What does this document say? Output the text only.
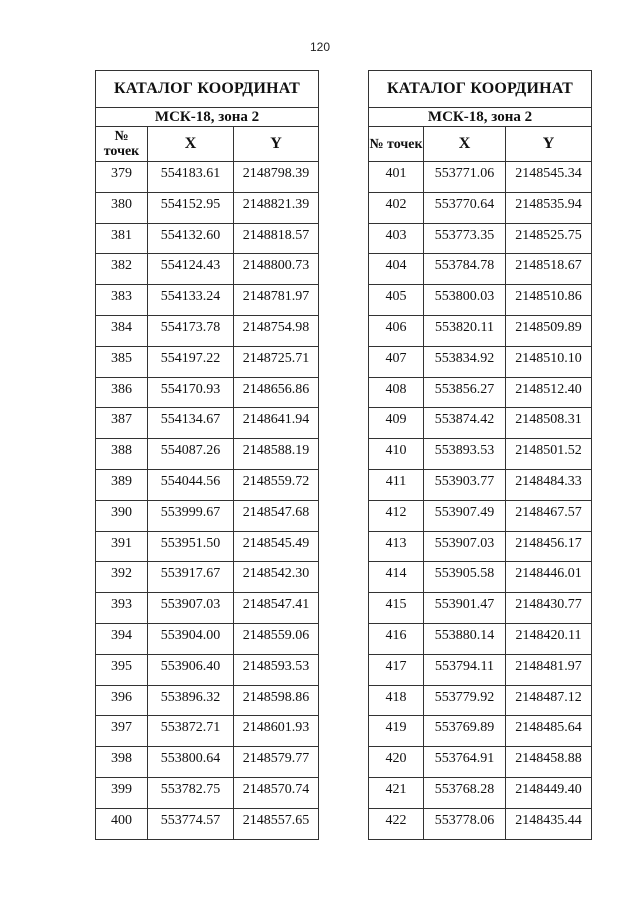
120
КАТАЛОГ КООРДИНАТ		
МСК-18, зона 2		
№ точек	X	Y
379	554183.61	2148798.39
380	554152.95	2148821.39
381	554132.60	2148818.57
382	554124.43	2148800.73
383	554133.24	2148781.97
384	554173.78	2148754.98
385	554197.22	2148725.71
386	554170.93	2148656.86
387	554134.67	2148641.94
388	554087.26	2148588.19
389	554044.56	2148559.72
390	553999.67	2148547.68
391	553951.50	2148545.49
392	553917.67	2148542.30
393	553907.03	2148547.41
394	553904.00	2148559.06
395	553906.40	2148593.53
396	553896.32	2148598.86
397	553872.71	2148601.93
398	553800.64	2148579.77
399	553782.75	2148570.74
400	553774.57	2148557.65
КАТАЛОГ КООРДИНАТ		
МСК-18, зона 2		
№ точек	X	Y
401	553771.06	2148545.34
402	553770.64	2148535.94
403	553773.35	2148525.75
404	553784.78	2148518.67
405	553800.03	2148510.86
406	553820.11	2148509.89
407	553834.92	2148510.10
408	553856.27	2148512.40
409	553874.42	2148508.31
410	553893.53	2148501.52
411	553903.77	2148484.33
412	553907.49	2148467.57
413	553907.03	2148456.17
414	553905.58	2148446.01
415	553901.47	2148430.77
416	553880.14	2148420.11
417	553794.11	2148481.97
418	553779.92	2148487.12
419	553769.89	2148485.64
420	553764.91	2148458.88
421	553768.28	2148449.40
422	553778.06	2148435.44
